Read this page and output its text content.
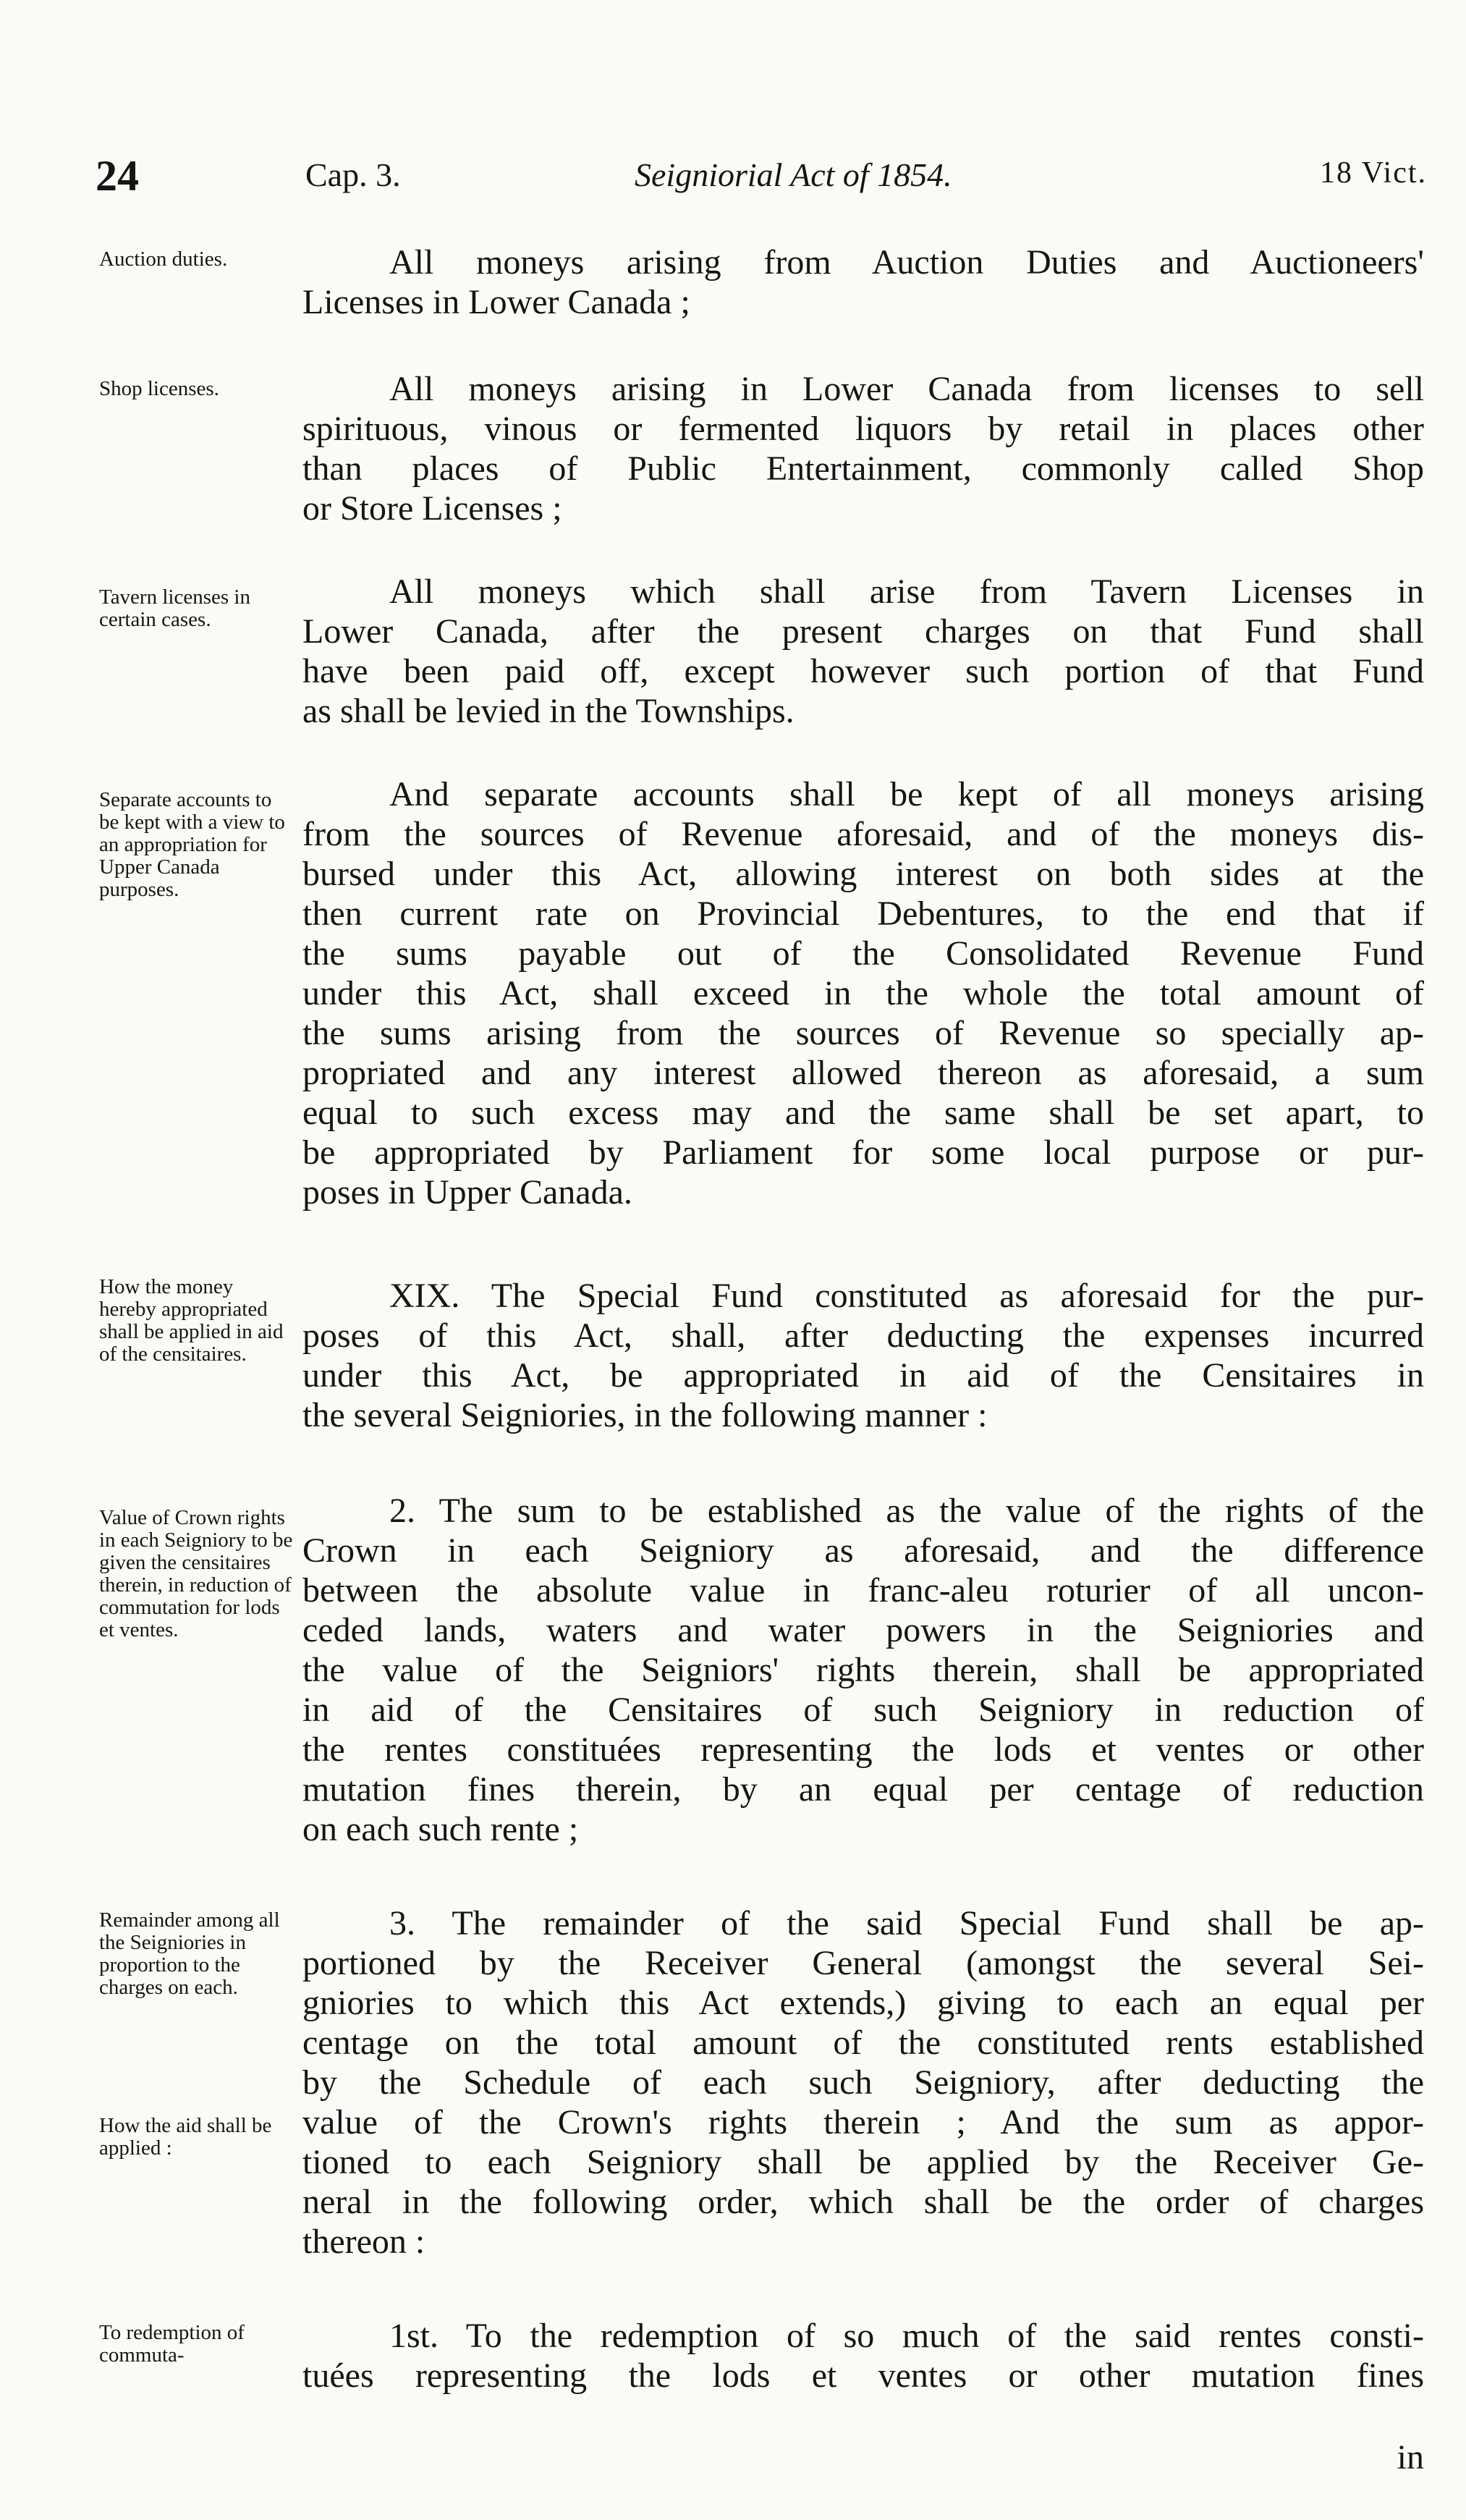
24	Cap. 3.	Seigniorial Act of 1854.	18 Vict.
Auction duties.	All moneys arising from Auction Duties and Auctioneers'
Licenses in Lower Canada ;
Shop licenses.	All moneys arising in Lower Canada from licenses to sell
spirituous, vinous or fermented liquors by retail in places other
than places of Public Entertainment, commonly called Shop
or Store Licenses ;
Tavern licenses in certain cases.
All moneys which shall arise from Tavern Licenses in
Lower Canada, after the present charges on that Fund shall
have been paid off, except however such portion of that Fund
as shall be levied in the Townships.
Separate accounts to be kept with a view to an appropriation for Upper Canada purposes.
And separate accounts shall be kept of all moneys arising
from the sources of Revenue aforesaid, and of the moneys dis-
bursed under this Act, allowing interest on both sides at the
then current rate on Provincial Debentures, to the end that if
the sums payable out of the Consolidated Revenue Fund
under this Act, shall exceed in the whole the total amount of
the sums arising from the sources of Revenue so specially ap-
propriated and any interest allowed thereon as aforesaid, a sum
equal to such excess may and the same shall be set apart, to
be appropriated by Parliament for some local purpose or pur-
poses in Upper Canada.
How the money hereby appropriated shall be applied in aid of the censitaires.
XIX. The Special Fund constituted as aforesaid for the pur-
poses of this Act, shall, after deducting the expenses incurred
under this Act, be appropriated in aid of the Censitaires in
the several Seigniories, in the following manner :
Value of Crown rights in each Seigniory to be given the censitaires therein, in reduction of commutation for lods et ventes.
2. The sum to be established as the value of the rights of the
Crown in each Seigniory as aforesaid, and the difference
between the absolute value in franc-aleu roturier of all uncon-
ceded lands, waters and water powers in the Seigniories and
the value of the Seigniors' rights therein, shall be appropriated
in aid of the Censitaires of such Seigniory in reduction of
the rentes constituées representing the lods et ventes or other
mutation fines therein, by an equal per centage of reduction
on each such rente ;
Remainder among all the Seigniories in proportion to the charges on each.
How the aid shall be applied :
3. The remainder of the said Special Fund shall be ap-
portioned by the Receiver General (amongst the several Sei-
gniories to which this Act extends,) giving to each an equal per
centage on the total amount of the constituted rents established
by the Schedule of each such Seigniory, after deducting the
value of the Crown's rights therein ; And the sum as appor-
tioned to each Seigniory shall be applied by the Receiver Ge-
neral in the following order, which shall be the order of charges
thereon :
To redemption of commuta-	1st. To the redemption of so much of the said rentes consti-
tuées representing the lods et ventes or other mutation fines
in
